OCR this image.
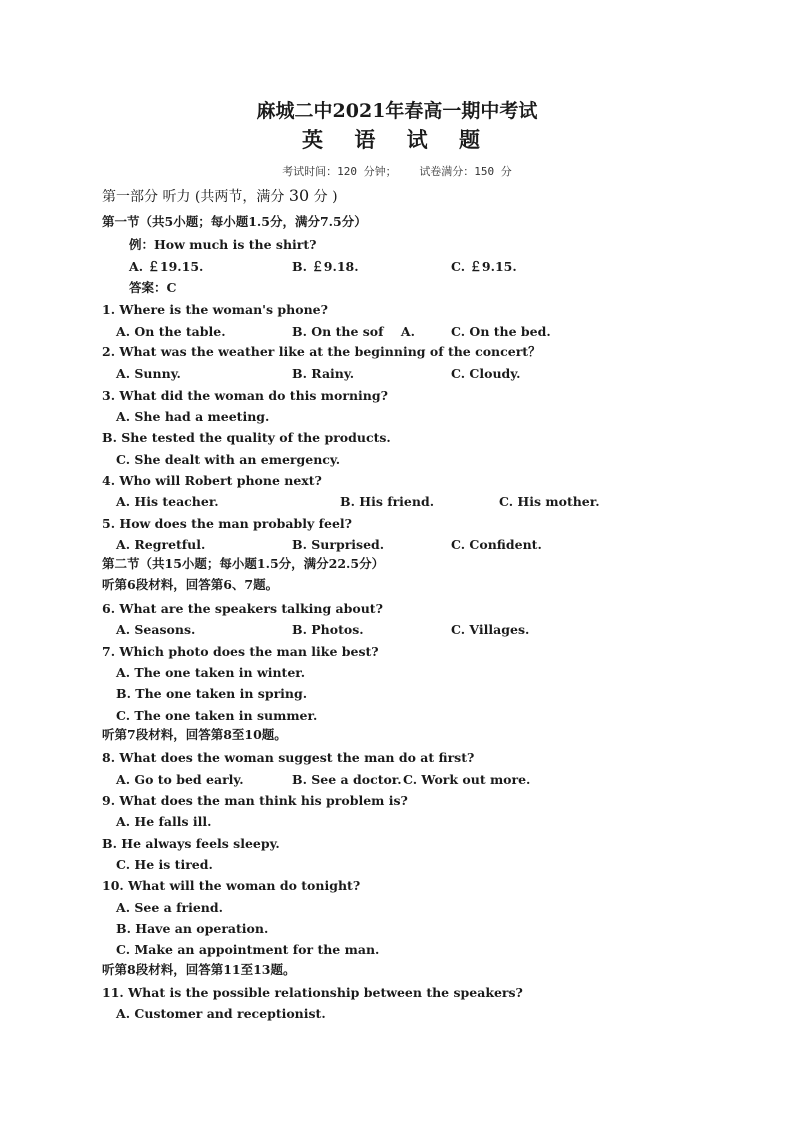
麻城二中2021年春高一期中考试
英 语 试 题
考试时间：120 分钟； 试卷满分：150 分
第一部分 听力 (共两节，满分 30 分 )
第一节（共5小题；每小题1.5分，满分7.5分）
例：How much is the shirt?
A. ￡19.15.	B. ￡9.18.	C. ￡9.15.
答案：C
1. Where is the woman's phone?
A. On the table.	B. On the sof    A.	C. On the bed.
2. What was the weather like at the beginning of the concert？
A. Sunny.	B. Rainy.	C. Cloudy.
3. What did the woman do this morning?
A. She had a meeting.
B. She tested the quality of the products.
C. She dealt with an emergency.
4. Who will Robert phone next?
A. His teacher.	B. His friend.	C. His mother.
5. How does the man probably feel?
A. Regretful.	B. Surprised.	C. Confident.
第二节（共15小题；每小题1.5分，满分22.5分）
听第6段材料，回答第6、7题。
6. What are the speakers talking about?
A. Seasons.	B. Photos.	C. Villages.
7. Which photo does the man like best?
A. The one taken in winter.
B. The one taken in spring.
C. The one taken in summer.
听第7段材料，回答第8至10题。
8. What does the woman suggest the man do at first?
A. Go to bed early.	B. See a doctor. C. Work out more.
9. What does the man think his problem is?
A. He falls ill.
B. He always feels sleepy.
C. He is tired.
10. What will the woman do tonight?
A. See a friend.
B. Have an operation.
C. Make an appointment for the man.
听第8段材料，回答第11至13题。
11. What is the possible relationship between the speakers?
A. Customer and receptionist.
